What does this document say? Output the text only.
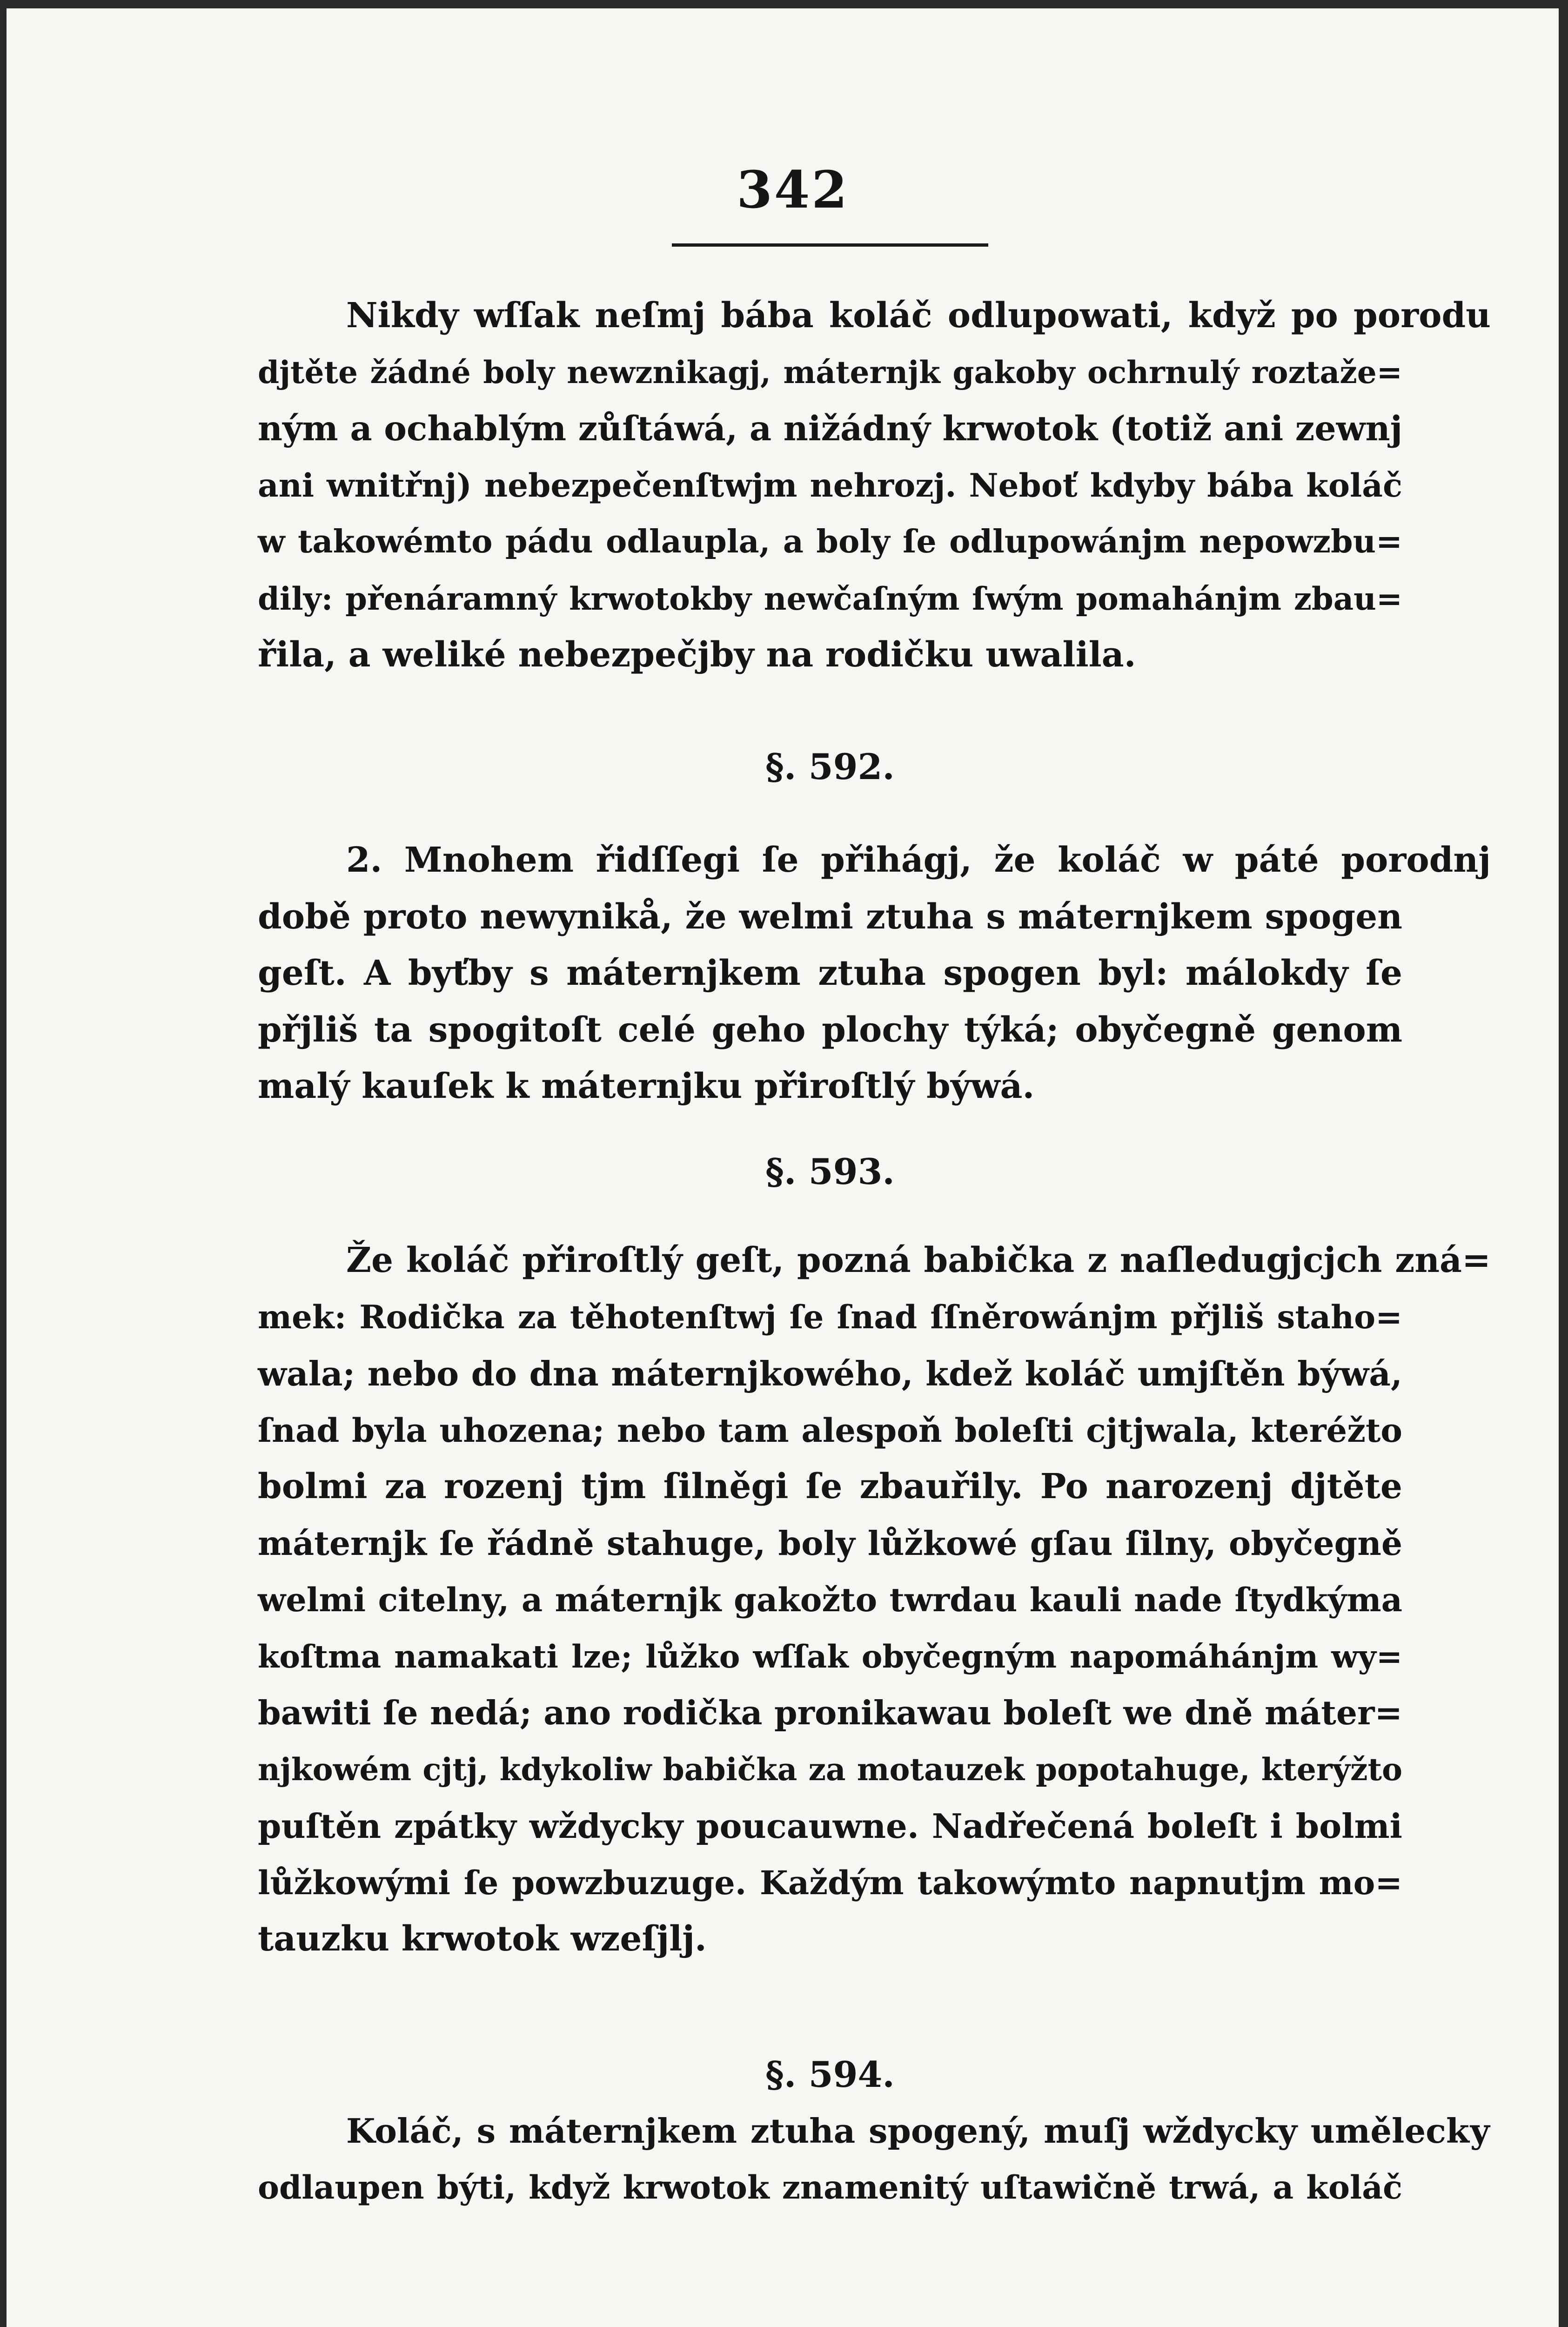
342
Nikdy wſſak neſmj bába koláč odlupowati, když po porodu
djtěte žádné boly newznikagj, máternjk gakoby ochrnulý roztaže=
ným a ochablým zůſtáwá, a nižádný krwotok (totiž ani zewnj
ani wnitřnj) nebezpečenſtwjm nehrozj. Neboť kdyby bába koláč
w takowémto pádu odlaupla, a boly ſe odlupowánjm nepowzbu=
dily: přenáramný krwotokby newčaſným ſwým pomahánjm zbau=
řila, a weliké nebezpečjby na rodičku uwalila.
§. 592.
2. Mnohem řidſſegi ſe přihágj, že koláč w páté porodnj
době proto newynikå, že welmi ztuha s máternjkem spogen
geſt. A byťby s máternjkem ztuha spogen byl: málokdy ſe
přjliš ta spogitoſt celé geho plochy týká; obyčegně genom
malý kauſek k máternjku přiroſtlý býwá.
§. 593.
Že koláč přiroſtlý geſt, pozná babička z naſledugjcjch zná=
mek: Rodička za těhotenſtwj ſe ſnad ſſněrowánjm přjliš staho=
wala; nebo do dna máternjkowého, kdež koláč umjſtěn býwá,
ſnad byla uhozena; nebo tam alespoň boleſti cjtjwala, kteréžto
bolmi za rozenj tjm ſilněgi ſe zbauřily. Po narozenj djtěte
máternjk ſe řádně stahuge, boly lůžkowé gſau ſilny, obyčegně
welmi citelny, a máternjk gakožto twrdau kauli nade ſtydkýma
koſtma namakati lze; lůžko wſſak obyčegným napomáhánjm wy=
bawiti ſe nedá; ano rodička pronikawau boleſt we dně máter=
njkowém cjtj, kdykoliw babička za motauzek popotahuge, kterýžto
puſtěn zpátky wždycky poucauwne. Nadřečená boleſt i bolmi
lůžkowými ſe powzbuzuge. Každým takowýmto napnutjm mo=
tauzku krwotok wzeſjlj.
§. 594.
Koláč, s máternjkem ztuha spogený, muſj wždycky uměleckу
odlaupen býti, když krwotok znamenitý uſtawičně trwá, a koláč
